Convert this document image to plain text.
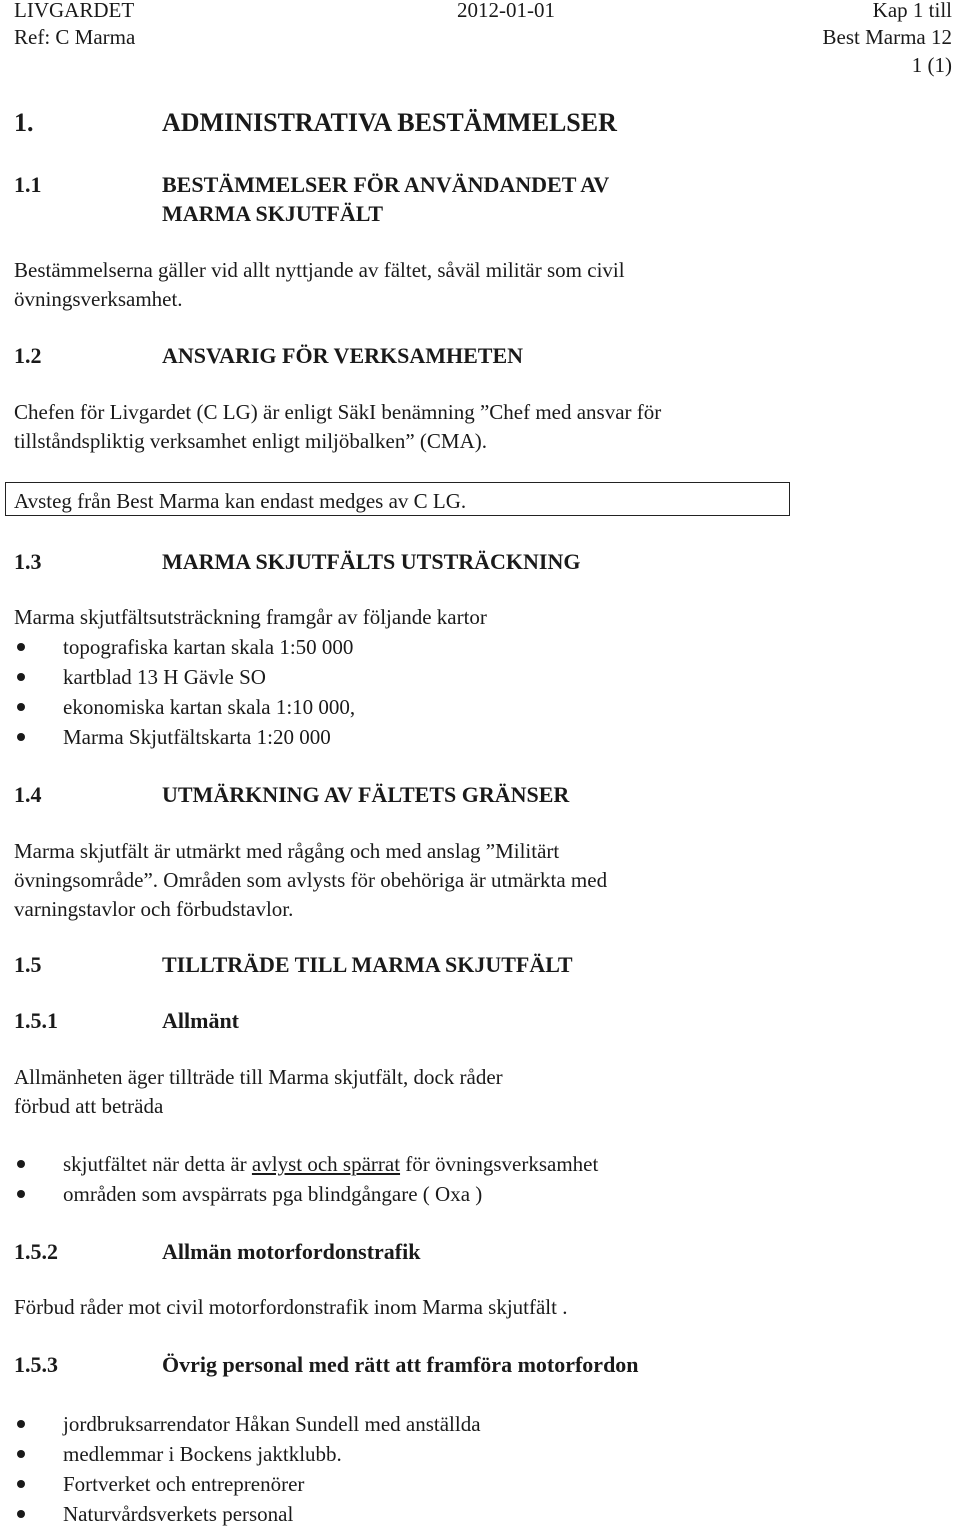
LIVGARDET	2012-01-01	Kap 1 till
Ref: C Marma	Best Marma 12
1 (1)
1.	ADMINISTRATIVA BESTÄMMELSER
1.1	BESTÄMMELSER FÖR ANVÄNDANDET AV
MARMA SKJUTFÄLT
Bestämmelserna gäller vid allt nyttjande av fältet, såväl militär som civil
övningsverksamhet.
1.2	ANSVARIG FÖR VERKSAMHETEN
Chefen för Livgardet (C LG) är enligt SäkI benämning ”Chef med ansvar för
tillståndspliktig verksamhet enligt miljöbalken” (CMA).
Avsteg från Best Marma kan endast medges av C LG.
1.3	MARMA SKJUTFÄLTS UTSTRÄCKNING
Marma skjutfältsutsträckning framgår av följande kartor
topografiska kartan skala 1:50 000
kartblad 13 H Gävle SO
ekonomiska kartan skala 1:10 000,
Marma Skjutfältskarta 1:20 000
1.4	UTMÄRKNING AV FÄLTETS GRÄNSER
Marma skjutfält är utmärkt med rågång och med anslag ”Militärt
övningsområde”. Områden som avlysts för obehöriga är utmärkta med
varningstavlor och förbudstavlor.
1.5	TILLTRÄDE TILL MARMA SKJUTFÄLT
1.5.1	Allmänt
Allmänheten äger tillträde till Marma skjutfält, dock råder
förbud att beträda
skjutfältet när detta är avlyst och spärrat för övningsverksamhet
områden som avspärrats pga blindgångare ( Oxa )
1.5.2	Allmän motorfordonstrafik
Förbud råder mot civil motorfordonstrafik inom Marma skjutfält .
1.5.3	Övrig personal med rätt att framföra motorfordon
jordbruksarrendator Håkan Sundell med anställda
medlemmar i Bockens jaktklubb.
Fortverket och entreprenörer
Naturvårdsverkets personal
